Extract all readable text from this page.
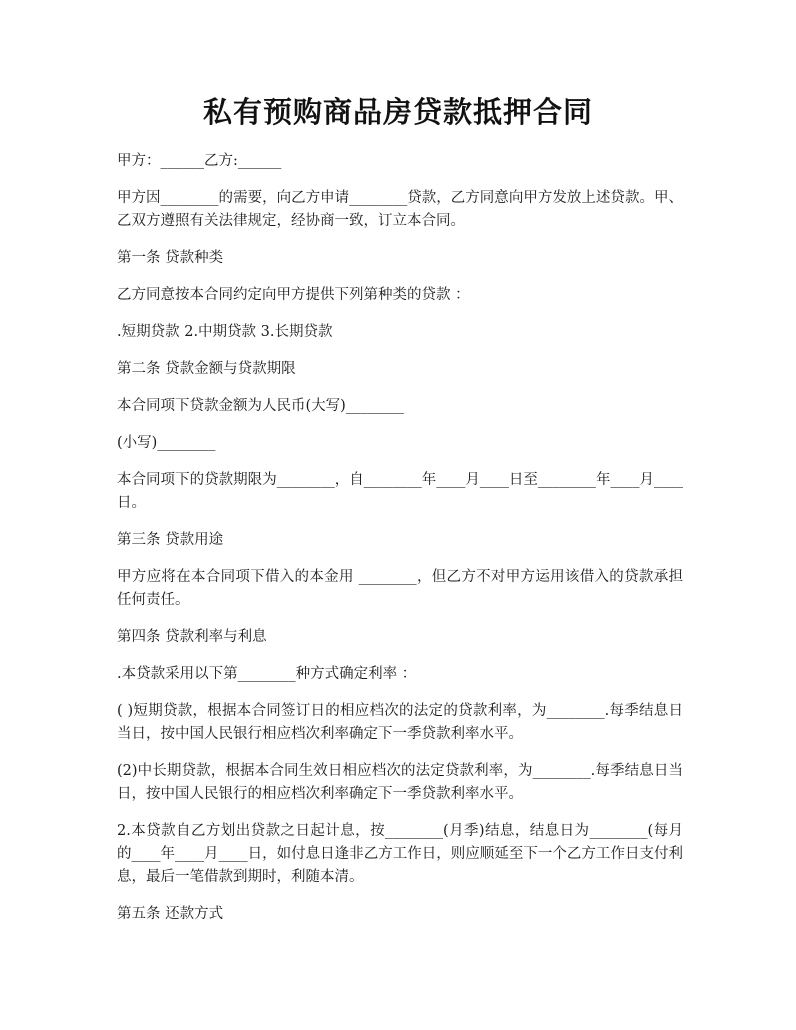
私有预购商品房贷款抵押合同

甲方：______乙方:______

甲方因________的需要，向乙方申请________贷款，乙方同意向甲方发放上述贷款。甲、乙双方遵照有关法律规定，经协商一致，订立本合同。

第一条 贷款种类

乙方同意按本合同约定向甲方提供下列第种类的贷款 ：

.短期贷款 2.中期贷款 3.长期贷款

第二条 贷款金额与贷款期限

本合同项下贷款金额为人民币(大写)________

(小写)________

本合同项下的贷款期限为________，自________年____月____日至________年____月____日。

第三条 贷款用途

甲方应将在本合同项下借入的本金用 ________，但乙方不对甲方运用该借入的贷款承担任何责任。

第四条 贷款利率与利息

.本贷款采用以下第________种方式确定利率 ：

( )短期贷款，根据本合同签订日的相应档次的法定的贷款利率，为________.每季结息日当日，按中国人民银行相应档次利率确定下一季贷款利率水平。

(2)中长期贷款，根据本合同生效日相应档次的法定贷款利率，为________.每季结息日当日，按中国人民银行的相应档次利率确定下一季贷款利率水平。

2.本贷款自乙方划出贷款之日起计息，按________(月季)结息，结息日为________(每月的____年____月____日，如付息日逢非乙方工作日，则应顺延至下一个乙方工作日支付利息，最后一笔借款到期时，利随本清。

第五条 还款方式
